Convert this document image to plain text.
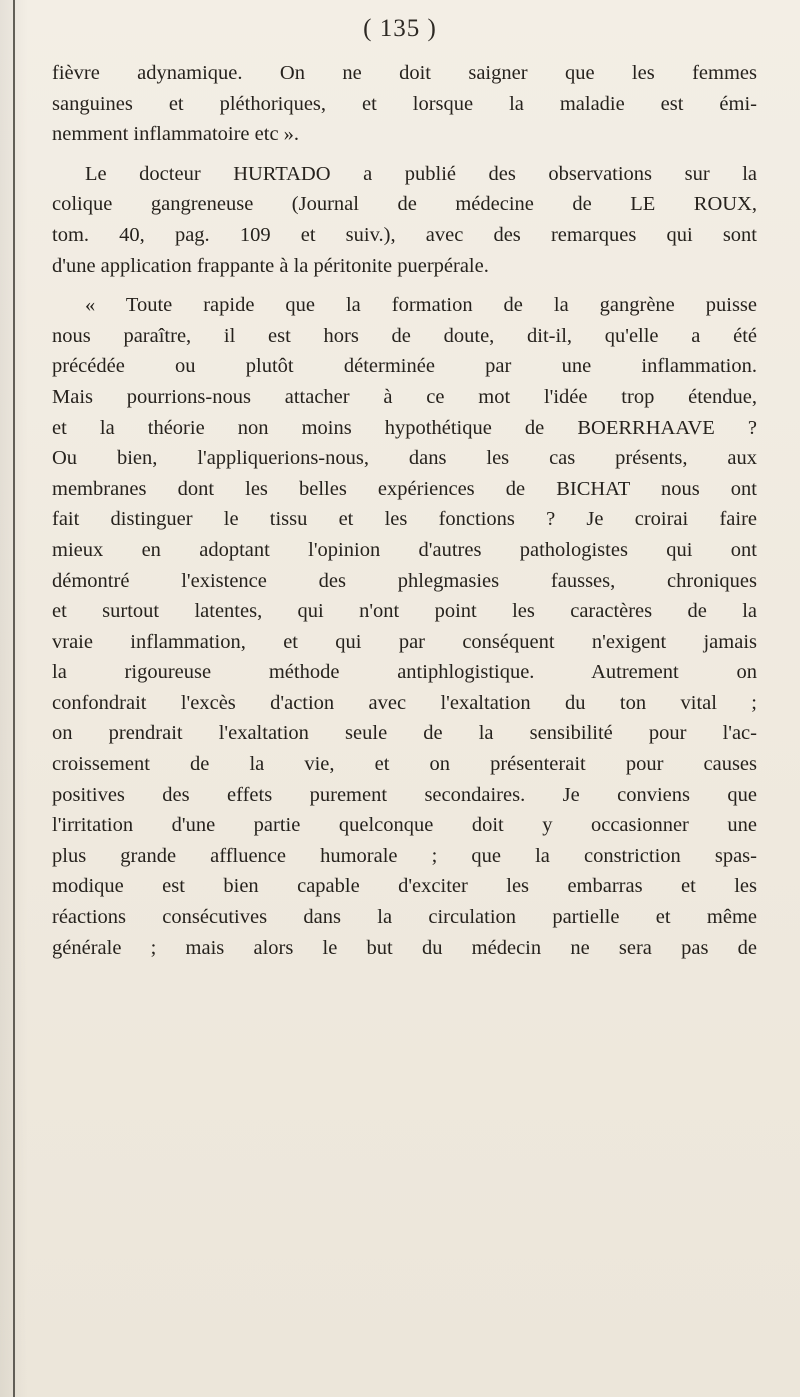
( 135 )
fièvre adynamique. On ne doit saigner que les femmes
sanguines et pléthoriques, et lorsque la maladie est émi-
nemment inflammatoire etc ».
Le docteur HURTADO a publié des observations sur la
colique gangreneuse (Journal de médecine de LE ROUX,
tom. 40, pag. 109 et suiv.), avec des remarques qui sont
d'une application frappante à la péritonite puerpérale.
« Toute rapide que la formation de la gangrène puisse
nous paraître, il est hors de doute, dit-il, qu'elle a été
précédée ou plutôt déterminée par une inflammation.
Mais pourrions-nous attacher à ce mot l'idée trop étendue,
et la théorie non moins hypothétique de BOERRHAAVE ?
Ou bien, l'appliquerions-nous, dans les cas présents, aux
membranes dont les belles expériences de BICHAT nous ont
fait distinguer le tissu et les fonctions ? Je croirai faire
mieux en adoptant l'opinion d'autres pathologistes qui ont
démontré l'existence des phlegmasies fausses, chroniques
et surtout latentes, qui n'ont point les caractères de la
vraie inflammation, et qui par conséquent n'exigent jamais
la rigoureuse méthode antiphlogistique. Autrement on
confondrait l'excès d'action avec l'exaltation du ton vital ;
on prendrait l'exaltation seule de la sensibilité pour l'ac-
croissement de la vie, et on présenterait pour causes
positives des effets purement secondaires. Je conviens que
l'irritation d'une partie quelconque doit y occasionner une
plus grande affluence humorale ; que la constriction spas-
modique est bien capable d'exciter les embarras et les
réactions consécutives dans la circulation partielle et même
générale ; mais alors le but du médecin ne sera pas de
